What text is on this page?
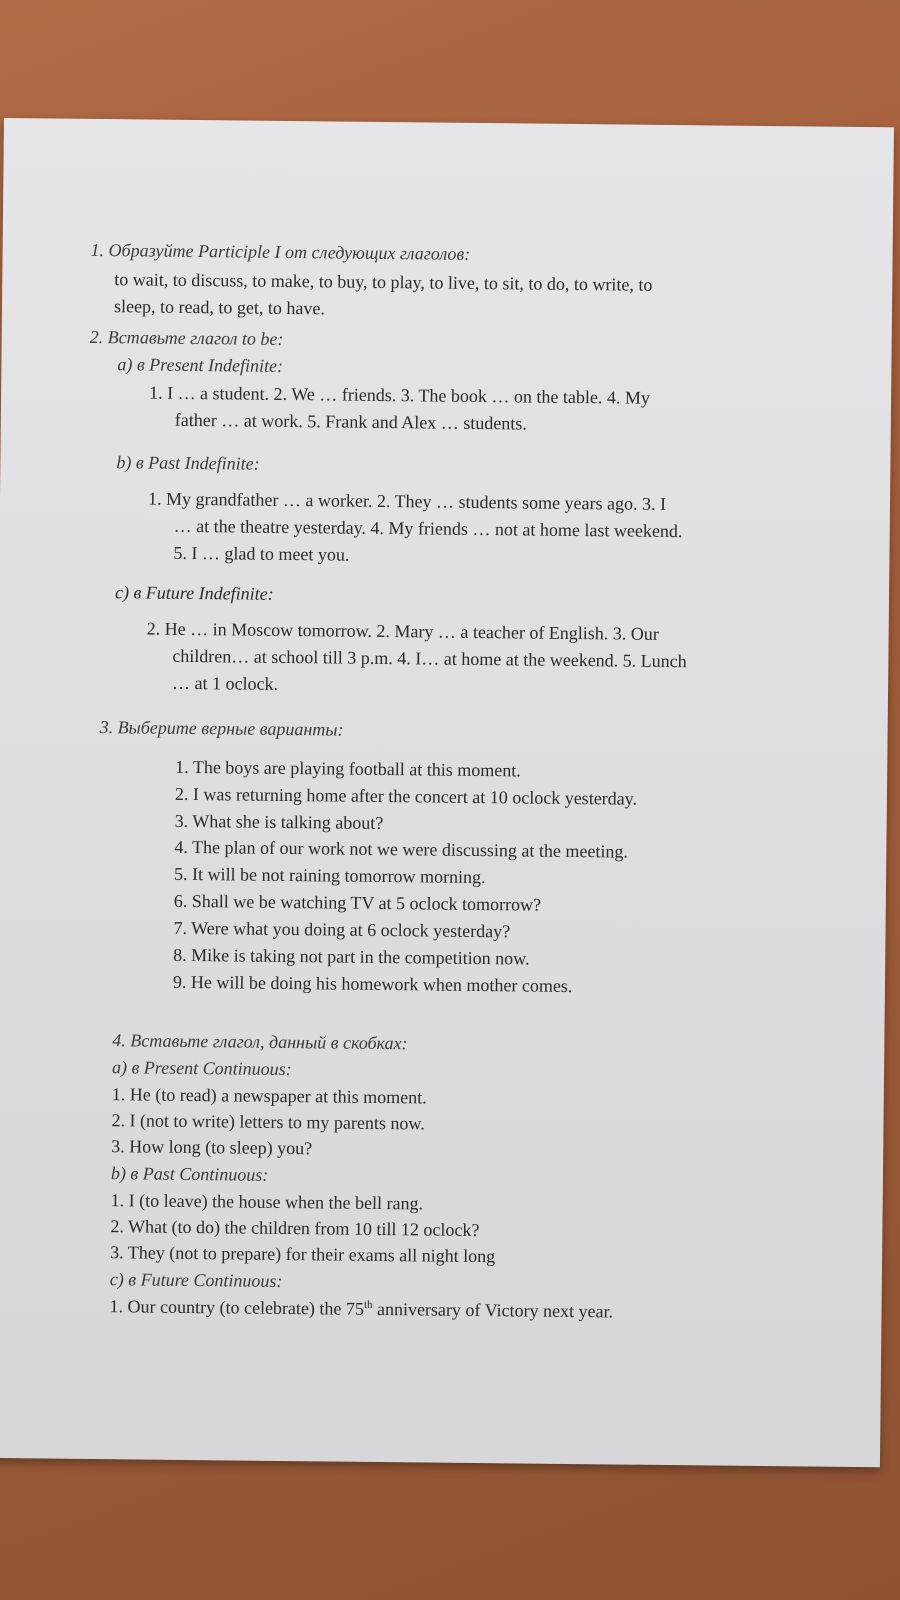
1. Образуйте Participle I от следующих глаголов:
to wait, to discuss, to make, to buy, to play, to live, to sit, to do, to write, to
sleep, to read, to get, to have.
2. Вставьте глагол to be:
a) в Present Indefinite:
1. I … a student. 2. We … friends. 3. The book … on the table. 4. My
father … at work. 5. Frank and Alex … students.
b) в Past Indefinite:
1. My grandfather … a worker. 2. They … students some years ago. 3. I
… at the theatre yesterday. 4. My friends … not at home last weekend.
5. I … glad to meet you.
c) в Future Indefinite:
2. He … in Moscow tomorrow. 2. Mary … a teacher of English. 3. Our
children… at school till 3 p.m. 4. I… at home at the weekend. 5. Lunch
… at 1 oclock.
3. Выберите верные варианты:
1. The boys are playing football at this moment.
2. I was returning home after the concert at 10 oclock yesterday.
3. What she is talking about?
4. The plan of our work not we were discussing at the meeting.
5. It will be not raining tomorrow morning.
6. Shall we be watching TV at 5 oclock tomorrow?
7. Were what you doing at 6 oclock yesterday?
8. Mike is taking not part in the competition now.
9. He will be doing his homework when mother comes.
4. Вставьте глагол, данный в скобках:
a) в Present Continuous:
1. He (to read) a newspaper at this moment.
2. I (not to write) letters to my parents now.
3. How long (to sleep) you?
b) в Past Continuous:
1. I (to leave) the house when the bell rang.
2. What (to do) the children from 10 till 12 oclock?
3. They (not to prepare) for their exams all night long
c) в Future Continuous:
1. Our country (to celebrate) the 75th anniversary of Victory next year.
